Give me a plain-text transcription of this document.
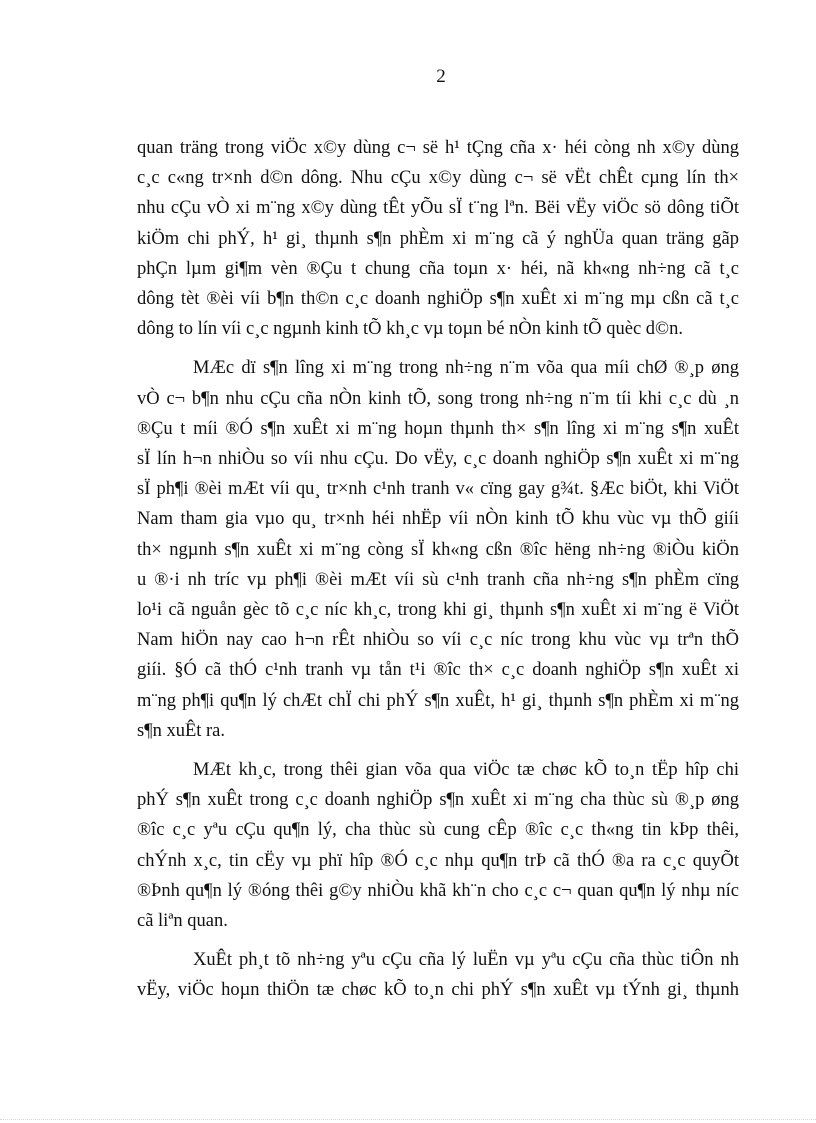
2
quan träng trong viÖc x©y dùng c¬ së h¹ tÇng cña x· héi còng nh x©y dùng
c¸c c«ng tr×nh d©n dông. Nhu cÇu x©y dùng c¬ së vËt chÊt cµng lín th×
nhu cÇu vÒ xi m¨ng x©y dùng tÊt yÕu sÏ t¨ng lªn. Bëi vËy viÖc sö dông tiÕt
kiÖm chi phÝ, h¹ gi¸ thµnh s¶n phÈm xi m¨ng cã ý nghÜa quan träng gãp
phÇn lµm gi¶m vèn ®Çu t chung cña toµn x· héi, nã kh«ng nh÷ng cã t¸c
dông tèt ®èi víi b¶n th©n c¸c doanh nghiÖp s¶n xuÊt xi m¨ng mµ cßn cã t¸c
dông to lín víi c¸c ngµnh kinh tÕ kh¸c vµ toµn bé nÒn kinh tÕ quèc d©n.
MÆc dï s¶n lîng xi m¨ng trong nh÷ng n¨m võa qua míi chØ ®¸p øng
vÒ c¬ b¶n nhu cÇu cña nÒn kinh tÕ, song trong nh÷ng n¨m tíi khi c¸c dù ¸n
®Çu t míi ®Ó s¶n xuÊt xi m¨ng hoµn thµnh th× s¶n lîng xi m¨ng s¶n xuÊt
sÏ lín h¬n nhiÒu so víi nhu cÇu. Do vËy, c¸c doanh nghiÖp s¶n xuÊt xi m¨ng
sÏ ph¶i ®èi mÆt víi qu¸ tr×nh c¹nh tranh v« cïng gay g¾t. §Æc biÖt, khi ViÖt
Nam tham gia vµo qu¸ tr×nh héi nhËp víi nÒn kinh tÕ khu vùc vµ thÕ giíi
th× ngµnh s¶n xuÊt xi m¨ng còng sÏ kh«ng cßn ®îc hëng nh÷ng ®iÒu kiÖn
u ®·i nh tríc vµ ph¶i ®èi mÆt víi sù c¹nh tranh cña nh÷ng s¶n phÈm cïng
lo¹i cã nguån gèc tõ c¸c níc kh¸c, trong khi gi¸ thµnh s¶n xuÊt xi m¨ng ë ViÖt
Nam hiÖn nay cao h¬n rÊt nhiÒu so víi c¸c níc trong khu vùc vµ trªn thÕ
giíi. §Ó cã thÓ c¹nh tranh vµ tån t¹i ®îc th× c¸c doanh nghiÖp s¶n xuÊt xi
m¨ng ph¶i qu¶n lý chÆt chÏ chi phÝ s¶n xuÊt, h¹ gi¸ thµnh s¶n phÈm xi m¨ng
s¶n xuÊt ra.
MÆt kh¸c, trong thêi gian võa qua viÖc tæ chøc kÕ to¸n tËp hîp chi
phÝ s¶n xuÊt trong c¸c doanh nghiÖp s¶n xuÊt xi m¨ng cha thùc sù ®¸p øng
®îc c¸c yªu cÇu qu¶n lý, cha thùc sù cung cÊp ®îc c¸c th«ng tin kÞp thêi,
chÝnh x¸c, tin cËy vµ phï hîp ®Ó c¸c nhµ qu¶n trÞ cã thÓ ®a ra c¸c quyÕt
®Þnh qu¶n lý ®óng thêi g©y nhiÒu khã kh¨n cho c¸c c¬ quan qu¶n lý nhµ níc
cã liªn quan.
XuÊt ph¸t tõ nh÷ng yªu cÇu cña lý luËn vµ yªu cÇu cña thùc tiÔn nh
vËy, viÖc hoµn thiÖn tæ chøc kÕ to¸n chi phÝ s¶n xuÊt vµ tÝnh gi¸ thµnh
